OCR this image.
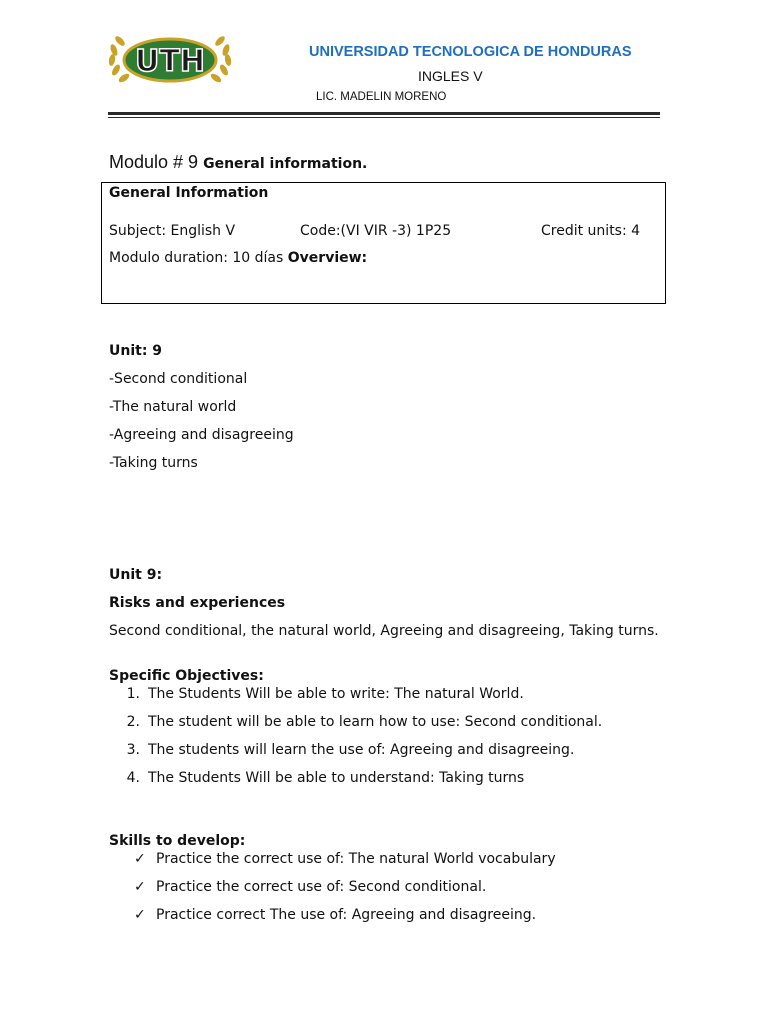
UTH	UNIVERSIDAD TECNOLOGICA DE HONDURAS
INGLES V
LIC. MADELIN MORENO
Modulo # 9 General information.
General Information
Subject: English V	Code:(VI VIR -3) 1P25	Credit units: 4
Modulo duration: 10 días Overview:
Unit: 9
-Second conditional
-The natural world
-Agreeing and disagreeing
-Taking turns
Unit 9:
Risks and experiences
Second conditional, the natural world, Agreeing and disagreeing, Taking turns.
Specific Objectives:
1. The Students Will be able to write: The natural World.
2. The student will be able to learn how to use: Second conditional.
3. The students will learn the use of: Agreeing and disagreeing.
4. The Students Will be able to understand: Taking turns
Skills to develop:
✓ Practice the correct use of: The natural World vocabulary
✓ Practice the correct use of: Second conditional.
✓ Practice correct The use of: Agreeing and disagreeing.
